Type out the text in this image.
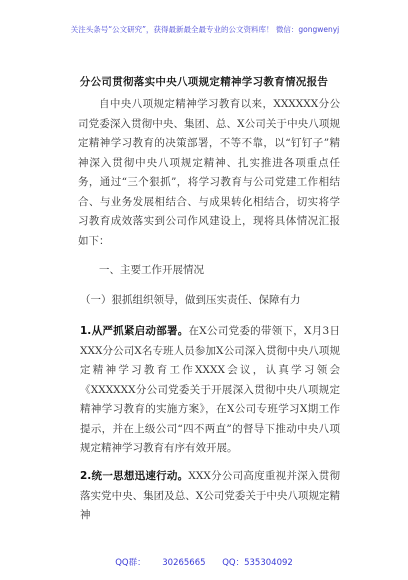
关注头条号“公文研究”，获得最新最全最专业的公文资料库！ 微信：gongwenyj
分公司贯彻落实中央八项规定精神学习教育情况报告
自中央八项规定精神学习教育以来，XXXXXX分公司党委深入贯彻中央、集团、总、X公司关于中央八项规定精神学习教育的决策部署，不等不靠，以“钉钉子”精神深入贯彻中央八项规定精神、扎实推进各项重点任务，通过“三个狠抓”，将学习教育与公司党建工作相结合、与业务发展相结合、与成果转化相结合，切实将学习教育成效落实到公司作风建设上，现将具体情况汇报如下：
一、主要工作开展情况
（一）狠抓组织领导，做到压实责任、保障有力
1.从严抓紧启动部署。在X公司党委的带领下，X月3日XXX分公司X名专班人员参加X公司深入贯彻中央八项规定精神学习教育工作XXXX会议，认真学习领会《XXXXXX分公司党委关于开展深入贯彻中央八项规定精神学习教育的实施方案》，在X公司专班学习X期工作提示，并在上级公司“四不两直”的督导下推动中央八项规定精神学习教育有序有效开展。
2.统一思想迅速行动。XXX分公司高度重视并深入贯彻落实党中央、集团及总、X公司党委关于中央八项规定精神
QQ群： 30265665 QQ：535304092
